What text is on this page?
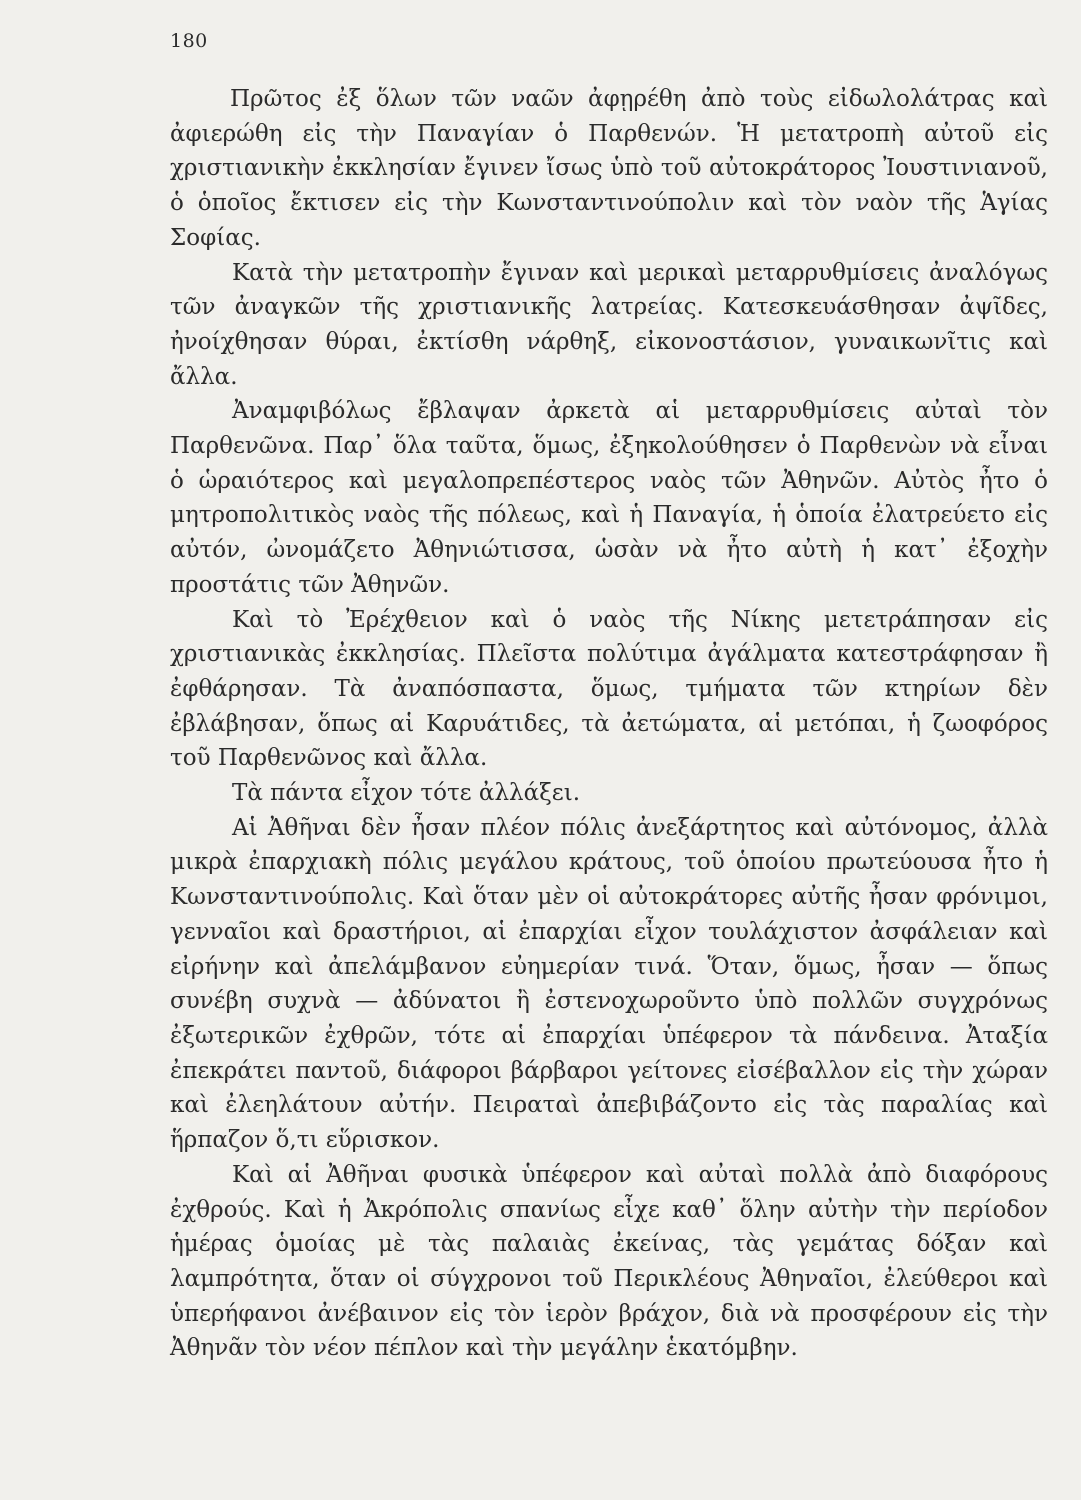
180

Πρῶτος ἐξ ὅλων τῶν ναῶν ἀφῃρέθη ἀπὸ τοὺς εἰδωλολάτρας καὶ ἀφιερώθη εἰς τὴν Παναγίαν ὁ Παρθενών. Ἡ μετατροπὴ αὐτοῦ εἰς χριστιανικὴν ἐκκλησίαν ἔγινεν ἴσως ὑπὸ τοῦ αὐτοκράτορος Ἰουστινιανοῦ, ὁ ὁποῖος ἔκτισεν εἰς τὴν Κωνσταντινούπολιν καὶ τὸν ναὸν τῆς Ἁγίας Σοφίας.

Κατὰ τὴν μετατροπὴν ἔγιναν καὶ μερικαὶ μεταρρυθμίσεις ἀναλόγως τῶν ἀναγκῶν τῆς χριστιανικῆς λατρείας. Κατεσκευάσθησαν ἀψῖδες, ἠνοίχθησαν θύραι, ἐκτίσθη νάρθηξ, εἰκονοστάσιον, γυναικωνῖτις καὶ ἄλλα.

Ἀναμφιβόλως ἔβλαψαν ἀρκετὰ αἱ μεταρρυθμίσεις αὐταὶ τὸν Παρθενῶνα. Παρ᾽ ὅλα ταῦτα, ὅμως, ἐξηκολούθησεν ὁ Παρθενὼν νὰ εἶναι ὁ ὡραιότερος καὶ μεγαλοπρεπέστερος ναὸς τῶν Ἀθηνῶν. Αὐτὸς ἦτο ὁ μητροπολιτικὸς ναὸς τῆς πόλεως, καὶ ἡ Παναγία, ἡ ὁποία ἐλατρεύετο εἰς αὐτόν, ὠνομάζετο Ἀθηνιώτισσα, ὡσὰν νὰ ἦτο αὐτὴ ἡ κατ᾽ ἐξοχὴν προστάτις τῶν Ἀθηνῶν.

Καὶ τὸ Ἐρέχθειον καὶ ὁ ναὸς τῆς Νίκης μετετράπησαν εἰς χριστιανικὰς ἐκκλησίας. Πλεῖστα πολύτιμα ἀγάλματα κατεστράφησαν ἢ ἐφθάρησαν. Τὰ ἀναπόσπαστα, ὅμως, τμήματα τῶν κτηρίων δὲν ἐβλάβησαν, ὅπως αἱ Καρυάτιδες, τὰ ἀετώματα, αἱ μετόπαι, ἡ ζωοφόρος τοῦ Παρθενῶνος καὶ ἄλλα.

Τὰ πάντα εἶχον τότε ἀλλάξει.

Αἱ Ἀθῆναι δὲν ἦσαν πλέον πόλις ἀνεξάρτητος καὶ αὐτόνομος, ἀλλὰ μικρὰ ἐπαρχιακὴ πόλις μεγάλου κράτους, τοῦ ὁποίου πρωτεύουσα ἦτο ἡ Κωνσταντινούπολις. Καὶ ὅταν μὲν οἱ αὐτοκράτορες αὐτῆς ἦσαν φρόνιμοι, γενναῖοι καὶ δραστήριοι, αἱ ἐπαρχίαι εἶχον τουλάχιστον ἀσφάλειαν καὶ εἰρήνην καὶ ἀπελάμβανον εὐημερίαν τινά. Ὅταν, ὅμως, ἦσαν — ὅπως συνέβη συχνὰ — ἀδύνατοι ἢ ἐστενοχωροῦντο ὑπὸ πολλῶν συγχρόνως ἐξωτερικῶν ἐχθρῶν, τότε αἱ ἐπαρχίαι ὑπέφερον τὰ πάνδεινα. Ἀταξία ἐπεκράτει παντοῦ, διάφοροι βάρβαροι γείτονες εἰσέβαλλον εἰς τὴν χώραν καὶ ἐλεηλάτουν αὐτήν. Πειραταὶ ἀπεβιβάζοντο εἰς τὰς παραλίας καὶ ἥρπαζον ὅ,τι εὕρισκον.

Καὶ αἱ Ἀθῆναι φυσικὰ ὑπέφερον καὶ αὐταὶ πολλὰ ἀπὸ διαφόρους ἐχθρούς. Καὶ ἡ Ἀκρόπολις σπανίως εἶχε καθ᾽ ὅλην αὐτὴν τὴν περίοδον ἡμέρας ὁμοίας μὲ τὰς παλαιὰς ἐκείνας, τὰς γεμάτας δόξαν καὶ λαμπρότητα, ὅταν οἱ σύγχρονοι τοῦ Περικλέους Ἀθηναῖοι, ἐλεύθεροι καὶ ὑπερήφανοι ἀνέβαινον εἰς τὸν ἱερὸν βράχον, διὰ νὰ προσφέρουν εἰς τὴν Ἀθηνᾶν τὸν νέον πέπλον καὶ τὴν μεγάλην ἑκατόμβην.
